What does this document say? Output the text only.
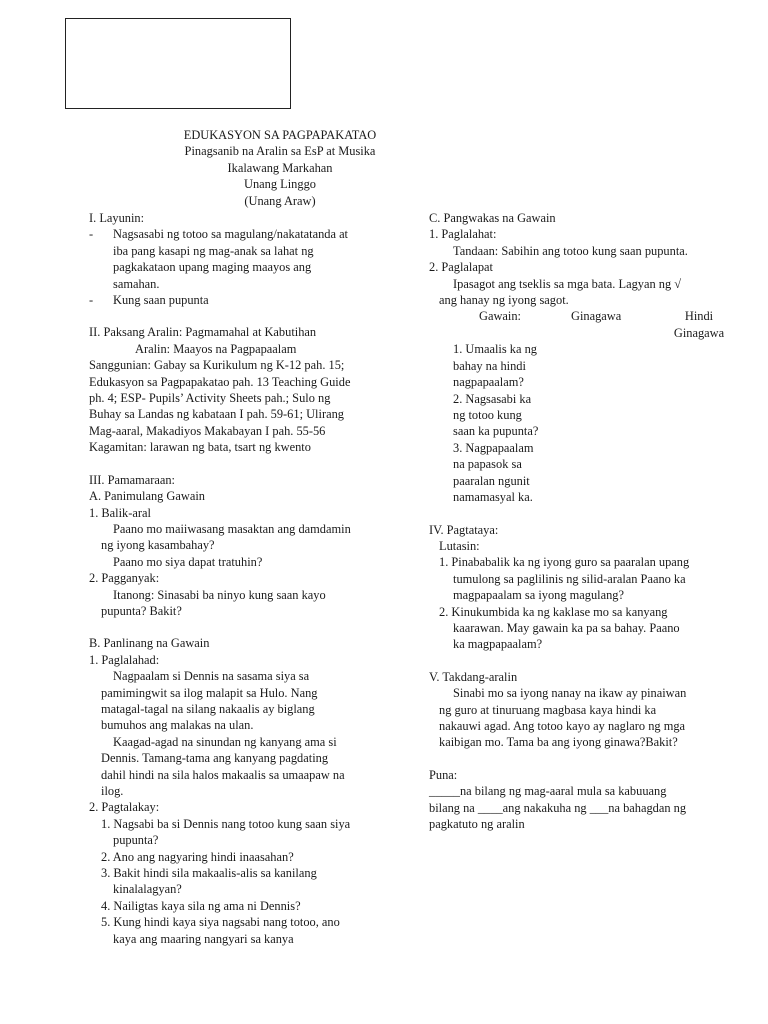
EDUKASYON SA PAGPAPAKATAO
Pinagsanib na Aralin sa EsP at Musika
Ikalawang Markahan
Unang Linggo
(Unang Araw)
I. Layunin:
-	Nagsasabi ng totoo sa magulang/nakatatanda at
iba pang kasapi ng mag-anak sa lahat ng
pagkakataon upang maging maayos ang
samahan.
-	Kung saan pupunta
II. Paksang Aralin: Pagmamahal at Kabutihan
Aralin: Maayos na Pagpapaalam
Sanggunian: Gabay sa Kurikulum ng K-12 pah. 15;
Edukasyon sa Pagpapakatao pah. 13 Teaching Guide
ph. 4; ESP- Pupils’ Activity Sheets pah.; Sulo ng
Buhay sa Landas ng kabataan I pah. 59-61; Ulirang
Mag-aaral, Makadiyos Makabayan I pah. 55-56
Kagamitan: larawan ng bata, tsart ng kwento
III. Pamamaraan:
A. Panimulang Gawain
1. Balik-aral
Paano mo maiiwasang masaktan ang damdamin
ng iyong kasambahay?
Paano mo siya dapat tratuhin?
2. Pagganyak:
Itanong: Sinasabi ba ninyo kung saan kayo
pupunta? Bakit?
B. Panlinang na Gawain
1. Paglalahad:
Nagpaalam si Dennis na sasama siya sa
pamimingwit sa ilog malapit sa Hulo. Nang
matagal-tagal na silang nakaalis ay biglang
bumuhos ang malakas na ulan.
Kaagad-agad na sinundan ng kanyang ama si
Dennis. Tamang-tama ang kanyang pagdating
dahil hindi na sila halos makaalis sa umaapaw na
ilog.
2. Pagtalakay:
1. Nagsabi ba si Dennis nang totoo kung saan siya
pupunta?
2. Ano ang nagyaring hindi inaasahan?
3. Bakit hindi sila makaalis-alis sa kanilang
kinalalagyan?
4. Nailigtas kaya sila ng ama ni Dennis?
5. Kung hindi kaya siya nagsabi nang totoo, ano
kaya ang maaring nangyari sa kanya
C. Pangwakas na Gawain
1. Paglalahat:
Tandaan: Sabihin ang totoo kung saan pupunta.
2. Paglalapat
Ipasagot ang tseklis sa mga bata. Lagyan ng √
ang hanay ng iyong sagot.
Gawain:	Ginagawa	Hindi
Ginagawa
1. Umaalis ka ng
bahay na hindi
nagpapaalam?
2. Nagsasabi ka
ng totoo kung
saan ka pupunta?
3. Nagpapaalam
na papasok sa
paaralan ngunit
namamasyal ka.
IV. Pagtataya:
Lutasin:
1. Pinababalik ka ng iyong guro sa paaralan upang
tumulong sa paglilinis ng silid-aralan Paano ka
magpapaalam sa iyong magulang?
2. Kinukumbida ka ng kaklase mo sa kanyang
kaarawan. May gawain ka pa sa bahay. Paano
ka magpapaalam?
V. Takdang-aralin
Sinabi mo sa iyong nanay na ikaw ay pinaiwan
ng guro at tinuruang magbasa kaya hindi ka
nakauwi agad. Ang totoo kayo ay naglaro ng mga
kaibigan mo. Tama ba ang iyong ginawa?Bakit?
Puna:
_____na bilang ng mag-aaral mula sa kabuuang
bilang na ____ang nakakuha ng ___na bahagdan ng
pagkatuto ng aralin
